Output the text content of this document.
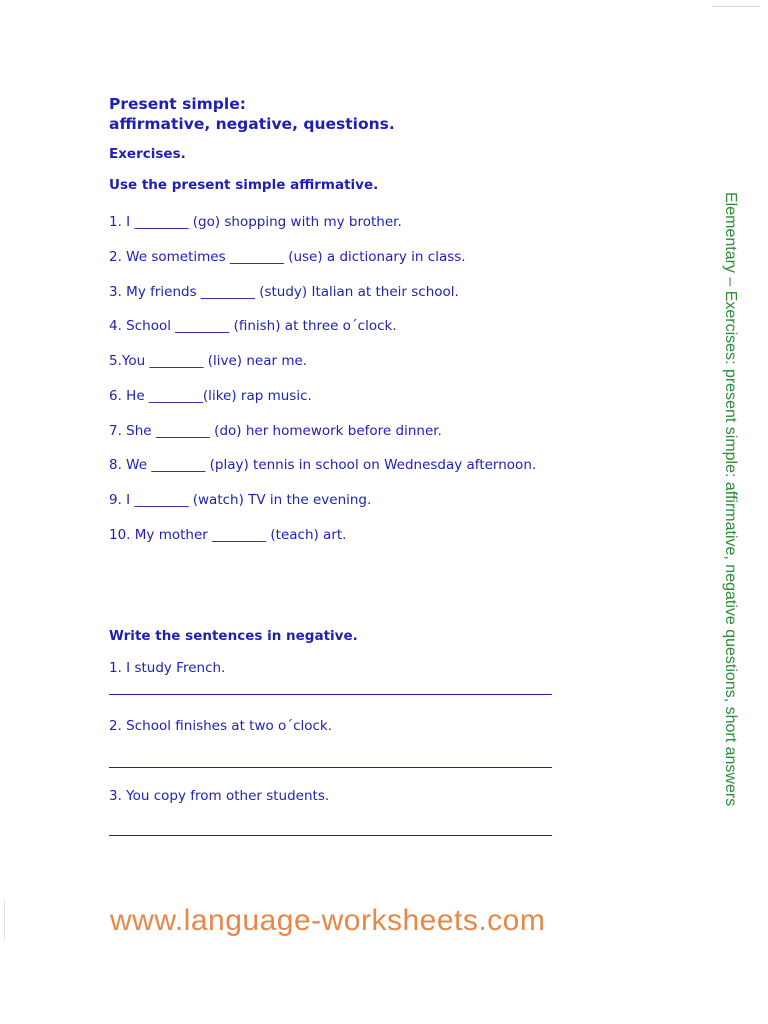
Present simple:
affirmative, negative, questions.
Exercises.
Use the present simple affirmative.
1. I ________ (go) shopping with my brother.
2. We sometimes ________ (use) a dictionary in class.
3. My friends ________ (study) Italian at their school.
4. School ________ (finish) at three o´clock.
5.You ________ (live) near me.
6. He ________(like) rap music.
7. She ________ (do) her homework before dinner.
8. We ________ (play) tennis in school on Wednesday afternoon.
9. I ________ (watch) TV in the evening.
10. My mother ________ (teach) art.
Write the sentences in negative.
1. I study French.
2. School finishes at two o´clock.
3. You copy from other students.	Elementary – Exercises: present simple: affirmative, negative questions, short answers
www.language-worksheets.com
